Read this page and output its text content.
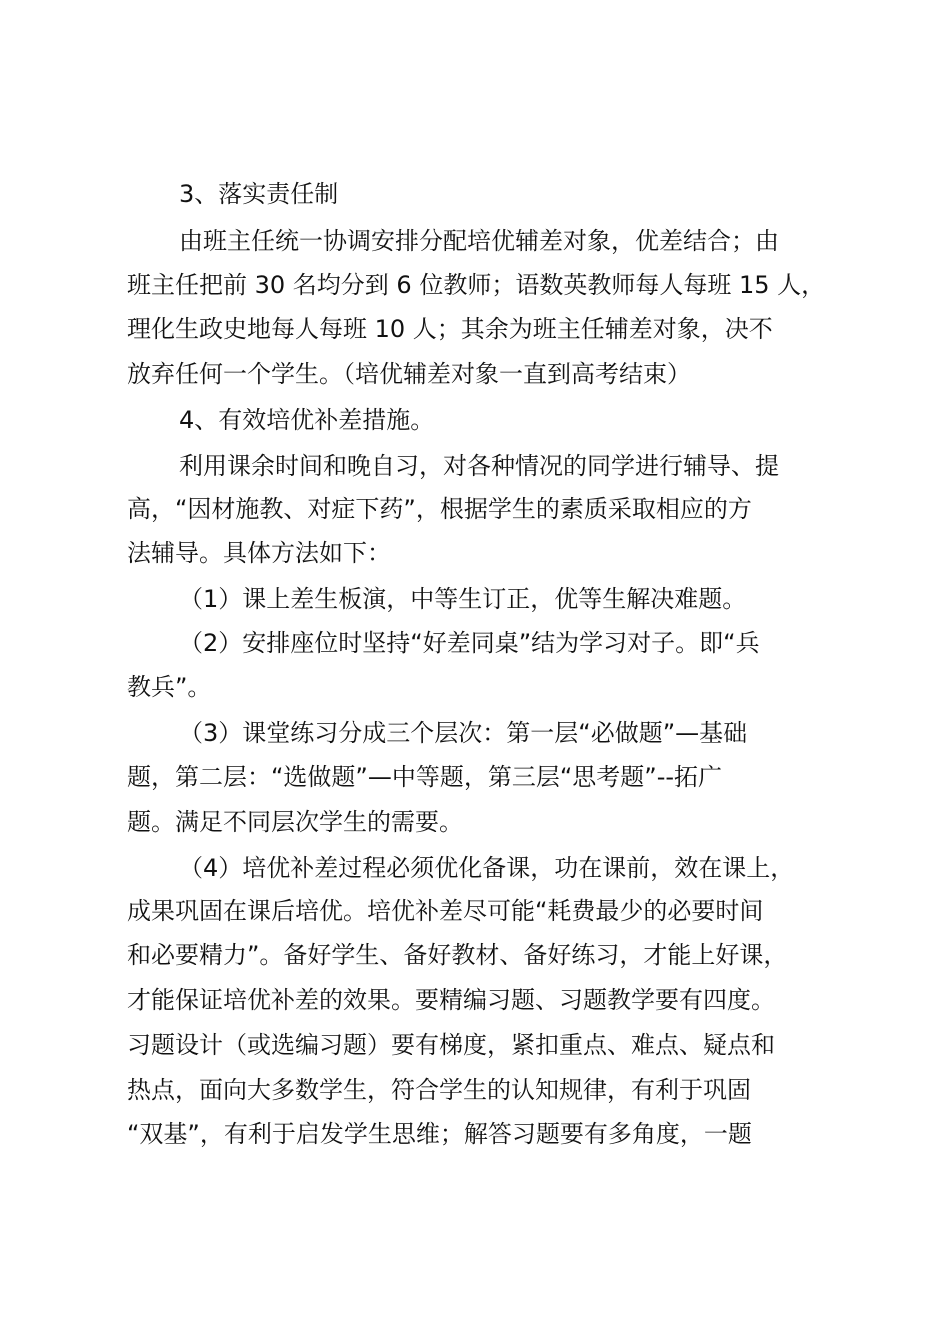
3、落实责任制
由班主任统一协调安排分配培优辅差对象，优差结合；由
班主任把前 30 名均分到 6 位教师；语数英教师每人每班 15 人，
理化生政史地每人每班 10 人；其余为班主任辅差对象，决不
放弃任何一个学生。（培优辅差对象一直到高考结束）
4、有效培优补差措施。
利用课余时间和晚自习，对各种情况的同学进行辅导、提
高，“因材施教、对症下药”，根据学生的素质采取相应的方
法辅导。具体方法如下：
（1）课上差生板演，中等生订正，优等生解决难题。
（2）安排座位时坚持“好差同桌”结为学习对子。即“兵
教兵”。
（3）课堂练习分成三个层次：第一层“必做题”—基础
题，第二层：“选做题”—中等题，第三层“思考题”--拓广
题。满足不同层次学生的需要。
（4）培优补差过程必须优化备课，功在课前，效在课上，
成果巩固在课后培优。培优补差尽可能“耗费最少的必要时间
和必要精力”。备好学生、备好教材、备好练习，才能上好课，
才能保证培优补差的效果。要精编习题、习题教学要有四度。
习题设计（或选编习题）要有梯度，紧扣重点、难点、疑点和
热点，面向大多数学生，符合学生的认知规律，有利于巩固
“双基”，有利于启发学生思维；解答习题要有多角度，一题
